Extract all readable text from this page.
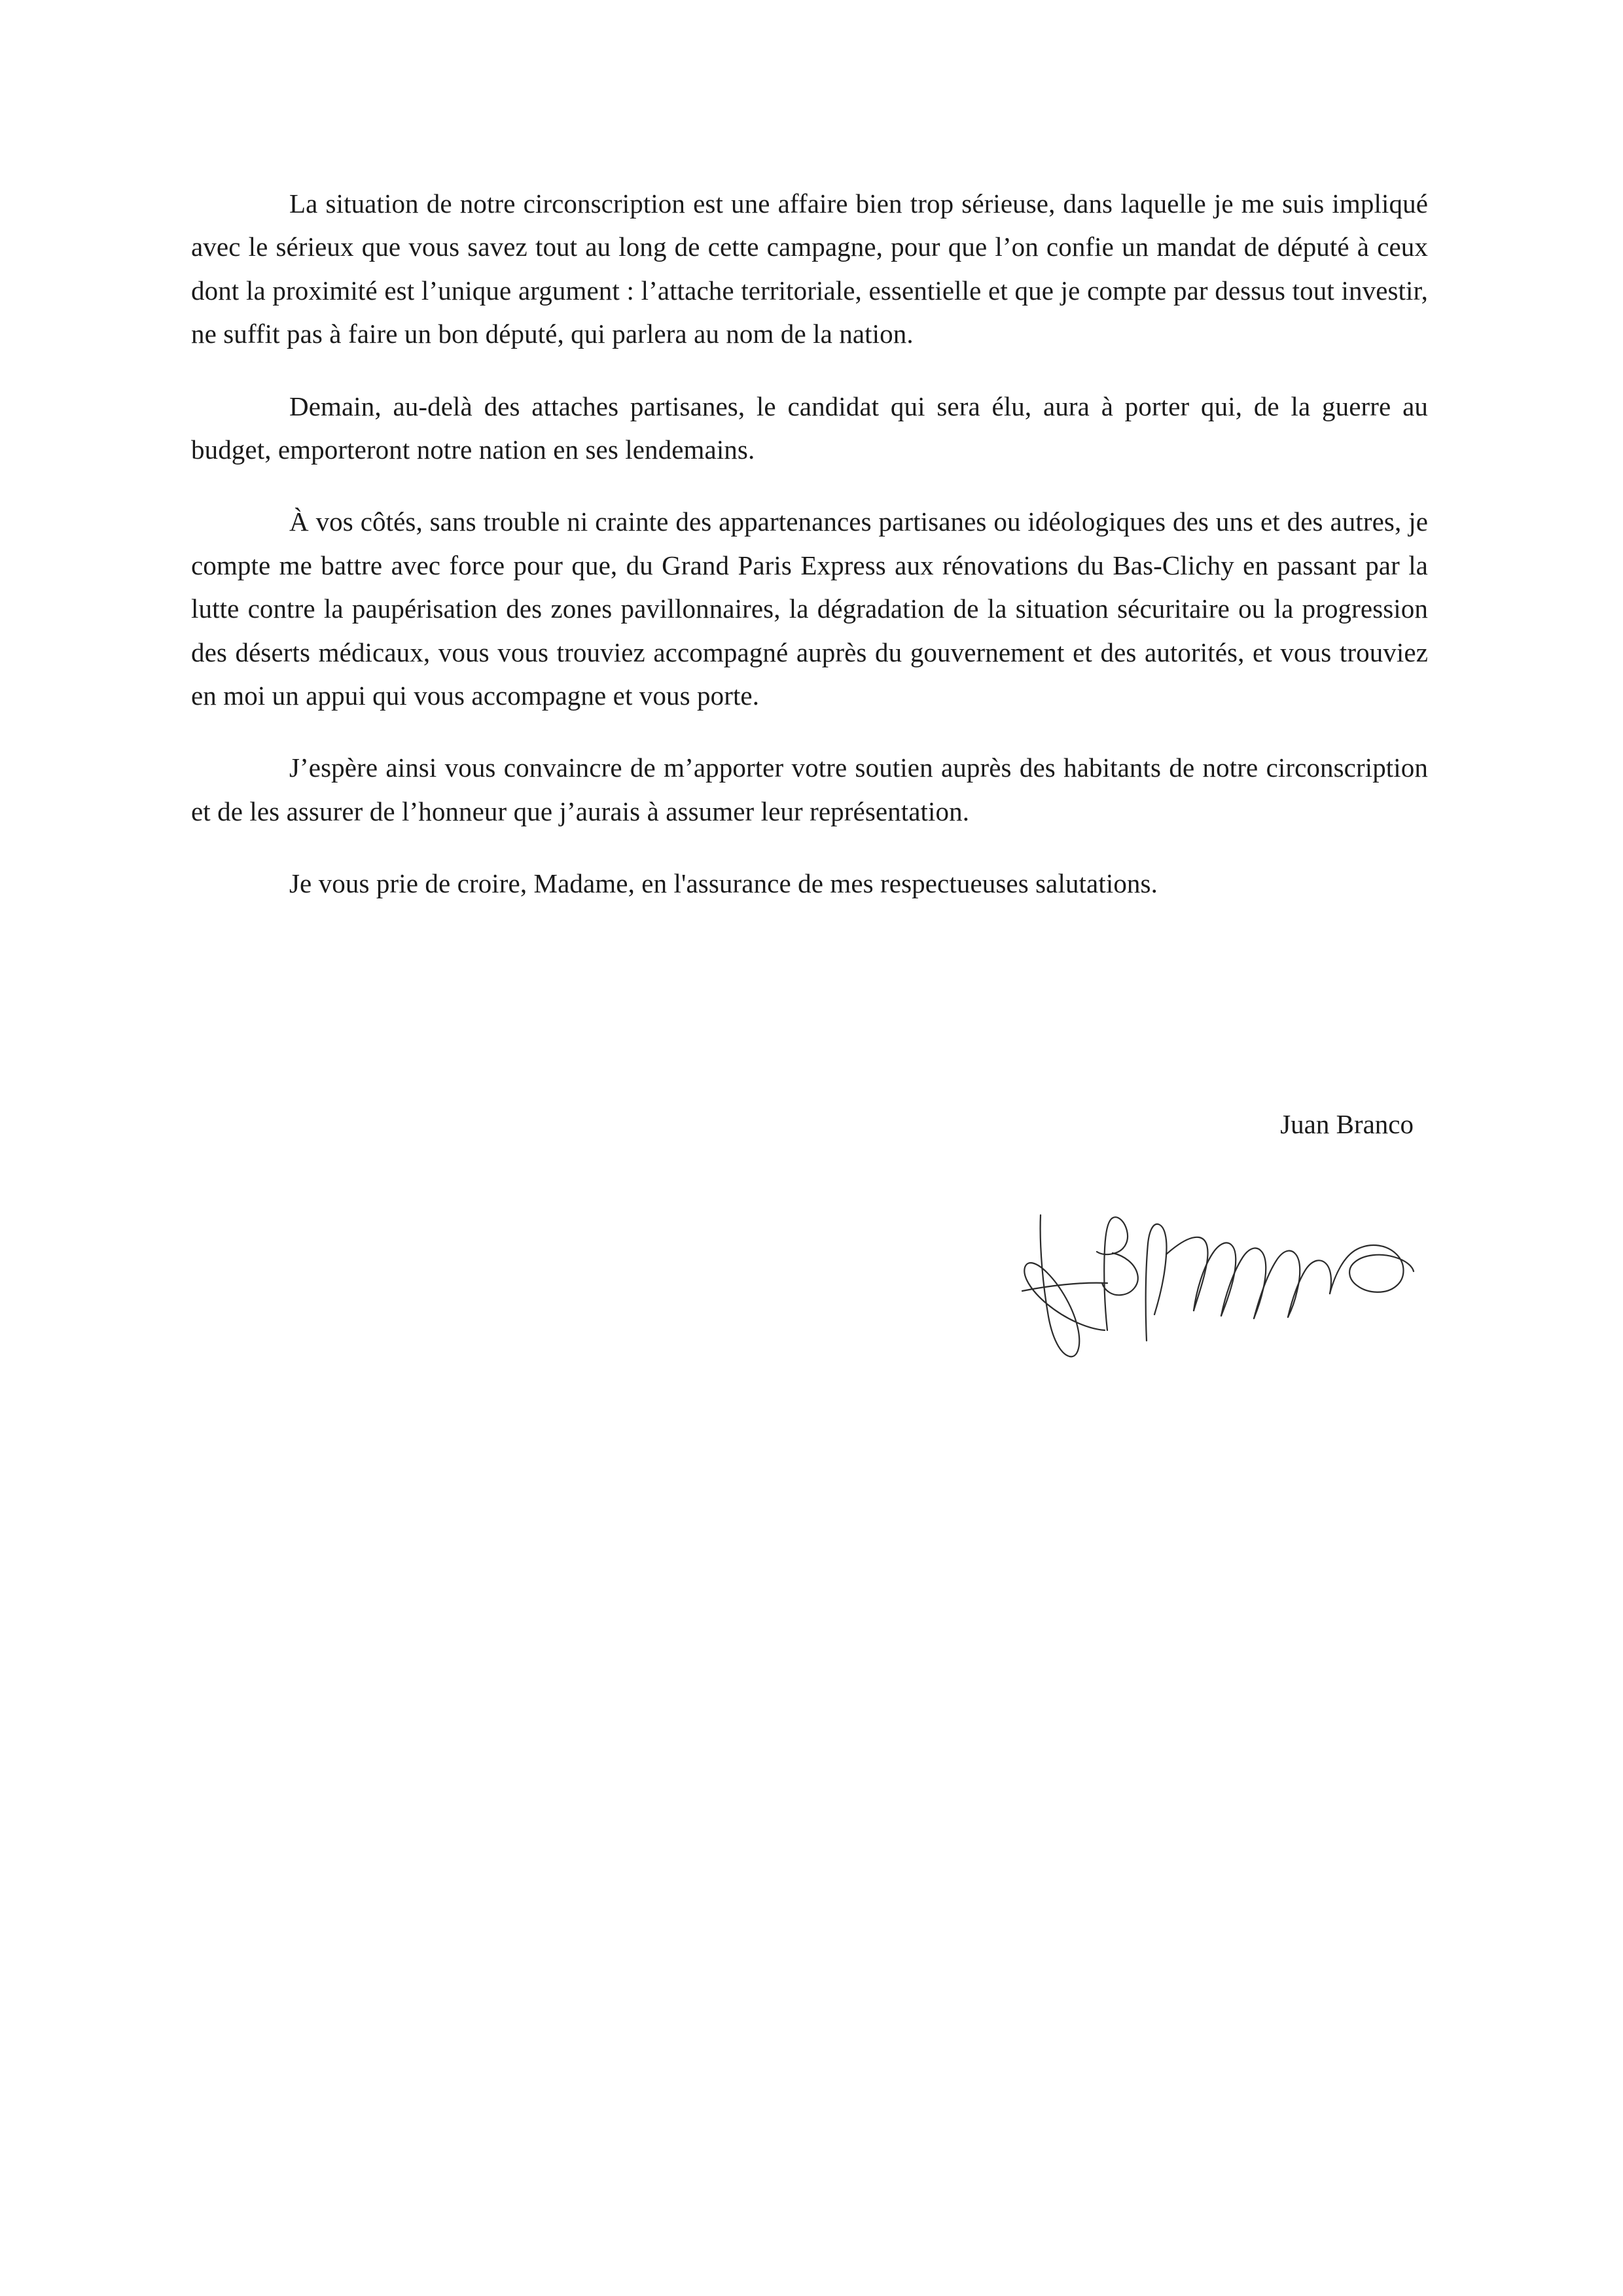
La situation de notre circonscription est une affaire bien trop sérieuse, dans laquelle je me suis impliqué avec le sérieux que vous savez tout au long de cette campagne, pour que l’on confie un mandat de député à ceux dont la proximité est l’unique argument : l’attache territoriale, essentielle et que je compte par dessus tout investir, ne suffit pas à faire un bon député, qui parlera au nom de la nation.

Demain, au-delà des attaches partisanes, le candidat qui sera élu, aura à porter qui, de la guerre au budget, emporteront notre nation en ses lendemains.

À vos côtés, sans trouble ni crainte des appartenances partisanes ou idéologiques des uns et des autres, je compte me battre avec force pour que, du Grand Paris Express aux rénovations du Bas-Clichy en passant par la lutte contre la paupérisation des zones pavillonnaires, la dégradation de la situation sécuritaire ou la progression des déserts médicaux, vous vous trouviez accompagné auprès du gouvernement et des autorités, et vous trouviez en moi un appui qui vous accompagne et vous porte.

J’espère ainsi vous convaincre de m’apporter votre soutien auprès des habitants de notre circonscription et de les assurer de l’honneur que j’aurais à assumer leur représentation.

Je vous prie de croire, Madame, en l'assurance de mes respectueuses salutations.

Juan Branco
